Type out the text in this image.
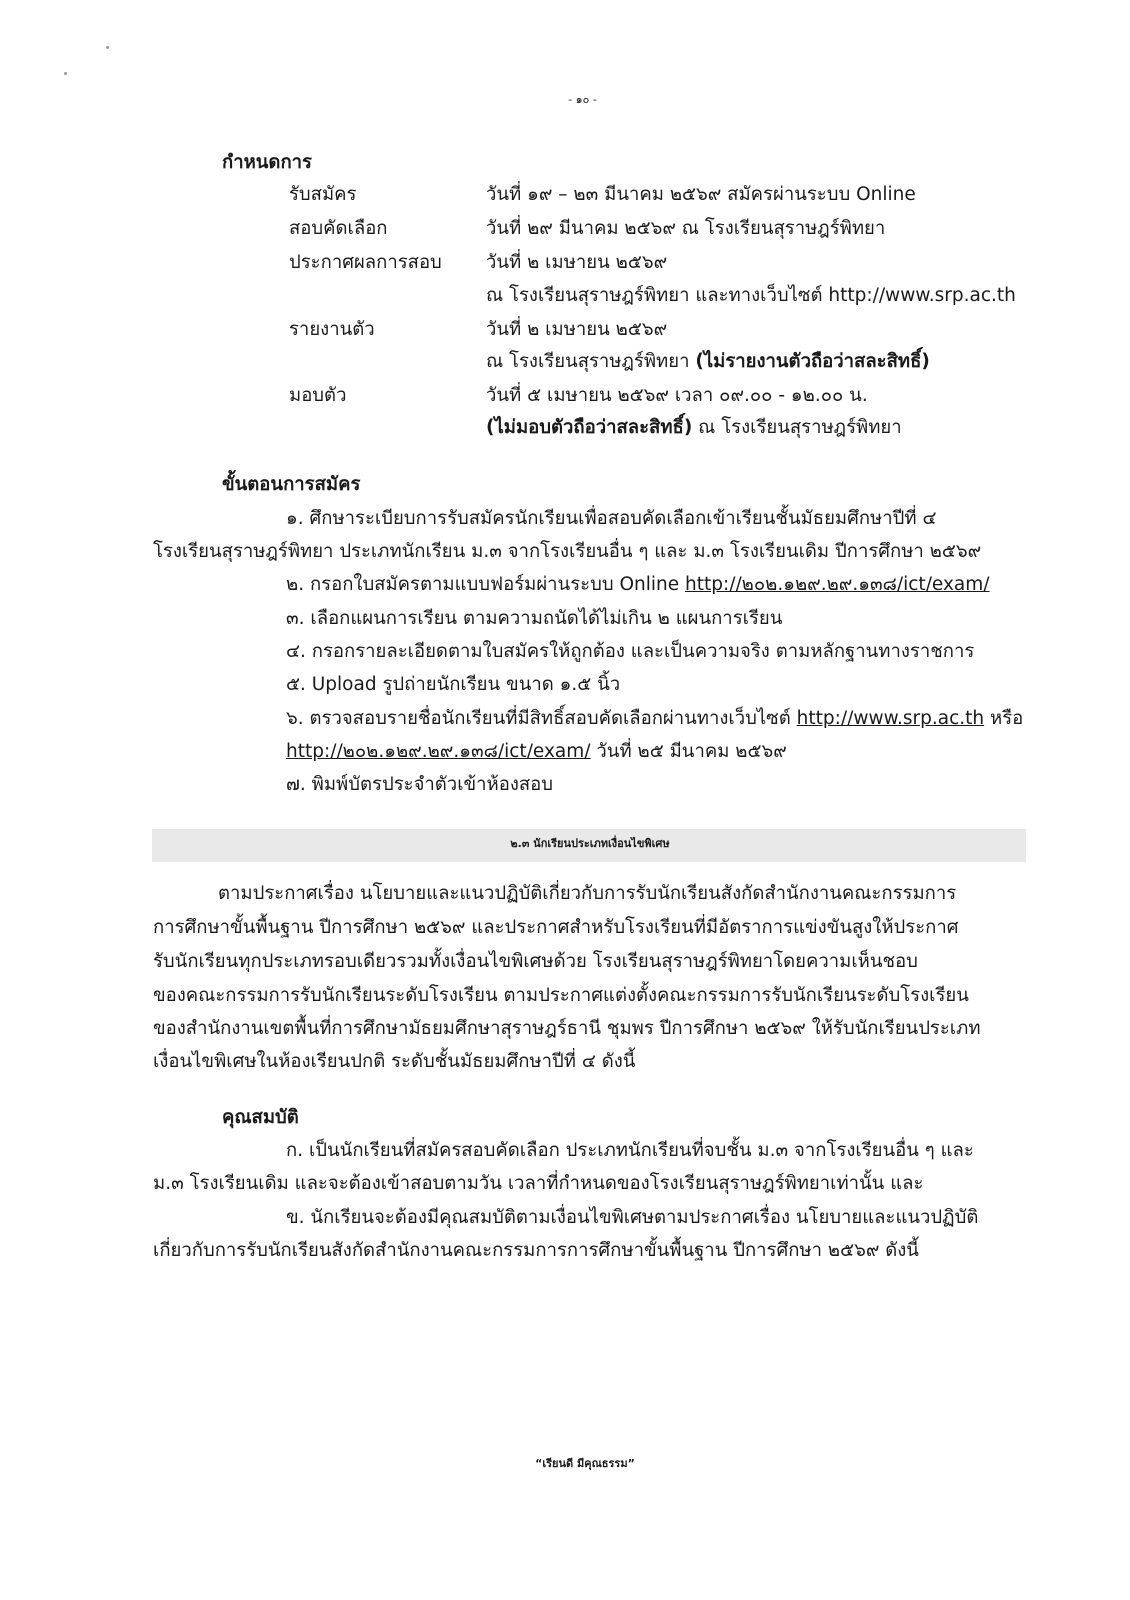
- ๑๐ -
กำหนดการ
รับสมัคร	วันที่ ๑๙ – ๒๓ มีนาคม ๒๕๖๙ สมัครผ่านระบบ Online
สอบคัดเลือก	วันที่ ๒๙ มีนาคม ๒๕๖๙ ณ โรงเรียนสุราษฎร์พิทยา
ประกาศผลการสอบ วันที่ ๒ เมษายน ๒๕๖๙
ณ โรงเรียนสุราษฎร์พิทยา และทางเว็บไซต์ http://www.srp.ac.th
รายงานตัว	วันที่ ๒ เมษายน ๒๕๖๙
ณ โรงเรียนสุราษฎร์พิทยา (ไม่รายงานตัวถือว่าสละสิทธิ์)
มอบตัว	วันที่ ๕ เมษายน ๒๕๖๙ เวลา ๐๙.๐๐ - ๑๒.๐๐ น.
(ไม่มอบตัวถือว่าสละสิทธิ์) ณ โรงเรียนสุราษฎร์พิทยา
ขั้นตอนการสมัคร
๑. ศึกษาระเบียบการรับสมัครนักเรียนเพื่อสอบคัดเลือกเข้าเรียนชั้นมัธยมศึกษาปีที่ ๔
โรงเรียนสุราษฎร์พิทยา ประเภทนักเรียน ม.๓ จากโรงเรียนอื่น ๆ และ ม.๓ โรงเรียนเดิม ปีการศึกษา ๒๕๖๙
๒. กรอกใบสมัครตามแบบฟอร์มผ่านระบบ Online http://๒๐๒.๑๒๙.๒๙.๑๓๘/ict/exam/
๓. เลือกแผนการเรียน ตามความถนัดได้ไม่เกิน ๒ แผนการเรียน
๔. กรอกรายละเอียดตามใบสมัครให้ถูกต้อง และเป็นความจริง ตามหลักฐานทางราชการ
๕. Upload รูปถ่ายนักเรียน ขนาด ๑.๕ นิ้ว
๖. ตรวจสอบรายชื่อนักเรียนที่มีสิทธิ์สอบคัดเลือกผ่านทางเว็บไซต์ http://www.srp.ac.th หรือ
http://๒๐๒.๑๒๙.๒๙.๑๓๘/ict/exam/ วันที่ ๒๕ มีนาคม ๒๕๖๙
๗. พิมพ์บัตรประจำตัวเข้าห้องสอบ
๒.๓ นักเรียนประเภทเงื่อนไขพิเศษ
ตามประกาศเรื่อง นโยบายและแนวปฏิบัติเกี่ยวกับการรับนักเรียนสังกัดสำนักงานคณะกรรมการ
การศึกษาขั้นพื้นฐาน ปีการศึกษา ๒๕๖๙ และประกาศสำหรับโรงเรียนที่มีอัตราการแข่งขันสูงให้ประกาศ
รับนักเรียนทุกประเภทรอบเดียวรวมทั้งเงื่อนไขพิเศษด้วย โรงเรียนสุราษฎร์พิทยาโดยความเห็นชอบ
ของคณะกรรมการรับนักเรียนระดับโรงเรียน ตามประกาศแต่งตั้งคณะกรรมการรับนักเรียนระดับโรงเรียน
ของสำนักงานเขตพื้นที่การศึกษามัธยมศึกษาสุราษฎร์ธานี ชุมพร ปีการศึกษา ๒๕๖๙ ให้รับนักเรียนประเภท
เงื่อนไขพิเศษในห้องเรียนปกติ ระดับชั้นมัธยมศึกษาปีที่ ๔ ดังนี้
คุณสมบัติ
ก. เป็นนักเรียนที่สมัครสอบคัดเลือก ประเภทนักเรียนที่จบชั้น ม.๓ จากโรงเรียนอื่น ๆ และ
ม.๓ โรงเรียนเดิม และจะต้องเข้าสอบตามวัน เวลาที่กำหนดของโรงเรียนสุราษฎร์พิทยาเท่านั้น และ
ข. นักเรียนจะต้องมีคุณสมบัติตามเงื่อนไขพิเศษตามประกาศเรื่อง นโยบายและแนวปฏิบัติ
เกี่ยวกับการรับนักเรียนสังกัดสำนักงานคณะกรรมการการศึกษาขั้นพื้นฐาน ปีการศึกษา ๒๕๖๙ ดังนี้
“เรียนดี มีคุณธรรม”
